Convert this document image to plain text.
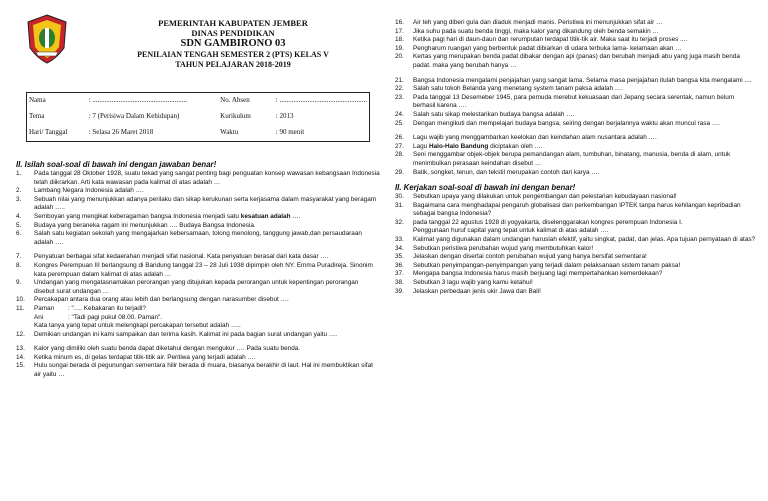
PEMERINTAH KABUPATEN JEMBER
DINAS PENDIDIKAN
SDN GAMBIRONO 03
PENILAIAN TENGAH SEMESTER 2 (PTS) KELAS V
TAHUN PELAJARAN 2018-2019
Nama	: ......................................................	No. Absen	: ..................................................
Tema	: 7 (Perisiwa Dalam Kehidupan)	Kurikulum	: 2013
Hari/ Tanggal	: Selasa 26 Maret 2018	Waktu	: 90 menit
II. Isilah soal-soal di bawah ini dengan jawaban benar!
1.	Pada tanggal 28 Oktober 1928, suatu tekad yang sangat penting bagi penguatan konsep wawasan kebangsaan Indonesia telah diikrarkan. Arti kata wawasan pada kalimat di atas adalah …
2.	Lambang Negara Indonesia adalah ….
3.	Sebuah nilai yang menunjukkan adanya perilaku dan sikap kerukunan serta kerjasama dalam masyarakat yang beragam adalah …..
4.	Semboyan yang mengikat keberagaman bangsa Indonesia menjadi satu kesatuan adalah ….
5.	Budaya yang beraneka ragam ini menunjukkan …. Budaya Bangsa Indonesia.
6.	Salah satu kegiatan sekolah yang mengajarkan kebersamaan, tolong menolong, tanggung jawab,dan persaudaraan adalah ….
7.	Penyatuan berbagai sifat kedaerahan menjadi sifat nasional. Kata penyatuan berasal dari kata dasar ….
8.	Kongres Perempuan III berlangsung di Bandung tanggal 23 – 28 Juli 1938 dipimpin oleh NY. Emma Puradireja. Sinonim kata perempuan dalam kalimat di atas adalah …
9.	Undangan yang mengatasnamakan perorangan yang ditujukan kepada perorangan untuk kepentingan perorangan disebut surat undangan …
10.	Percakapan antara dua orang atau lebih dan berlangsung dengan narasumber disebut ….
11.	Paman : "…. Kebakaran itu terjadi?
Ani	: "Tadi pagi pukul 08.00. Paman".
Kata tanya yang tepat untuk melengkapi percakapan tersebut adalah …..
12.	Demikian undangan ini kami sampaikan dan terima kasih. Kalimat ini pada bagian surat undangan yaitu ….
13.	Kalor yang dimiliki oleh suatu benda dapat diketahui dengan mengukur …. Pada suatu benda.
14.	Ketika minum es, di gelas terdapat titik-titik air. Peritiwa yang terjadi adalah ….
15.	Hulu sungai berada di pegunungan sementara hilir berada di muara, biasanya berakhir di laut. Hal ini membuktikan sifat air yaitu …
16.	Air teh yang diberi gula dan diaduk menjadi manis. Peristiwa ini menunjukkan sifat air …
17.	Jika suhu pada suatu benda tinggi, maka kalor yang dikandung oleh benda semakin …
18.	Ketika pagi hari di daun-daun dan rerumputan terdapat titik-tik air. Maka saat itu terjadi proses ....
19.	Pengharum ruangan yang berbentuk padat dibiarkan di udara terbuka lama- kelamaan akan …
20.	Kertas yang merupakan benda padat dibakar dengan api (panas) dan berubah menjadi abu yang juga masih benda padat. maka yang berubah hanya …
21.	Bangsa Indonesia mengalami penjajahan yang sangat lama. Selama masa penjajahan itulah bangsa kita mengalami ....
22.	Salah satu tokoh Belanda yang menetang system tanam paksa adalah ….
23.	Pada tanggal 13 Desemeber 1945, para pemuda merebut kekuasaan dari Jepang secara serentak, namun belum berhasil karena ….
24.	Salah satu sikap melestarikan budaya bangsa adalah ….
25.	Dengan mengikuti dan mempelajari budaya bangsa, seiring dengan berjalannya waktu akan muncul rasa ….
26.	Lagu wajib yang menggambarkan keelokan dan keindahan alam nusantara adalah ….
27.	Lagu Halo-Halo Bandung diciptakan oleh ….
28.	Seni menggambar objek-objek berupa pemandangan alam, tumbuhan, binatang, manusia, benda di alam, untuk menimbulkan perasaan keindahan disebut …
29.	Batik, songket, tenun, dan tekstil merupakan contoh dari karya ….
II. Kerjakan soal-soal di bawah ini dengan benar!
30.	Sebutkan upaya yang dilakukan untuk pengembangan dan pelestarian kebudayaan nasional!
31.	Bagaimana cara menghadapai pengaruh globalisasi dan perkembangan IPTEK tanpa harus kehilangan kepribadian sebagai bangsa Indonesia?
32.	pada tanggal 22 agustus 1928 di yogyakarta, diselenggarakan kongres perempuan Indonesia I.
Penggunaan huruf capital yang tepat untuk kalimat di atas adalah ….
33.	Kalimat yang digunakan dalam undangan haruslah efektif, yaitu singkat, padat, dan jelas. Apa tujuan pernyataan di atas?
34.	Sebutkan peristiwa perubahan wujud yang membutuhkan kalor!
35.	Jelaskan dengan disertai contoh perubahan wujud yang hanya bersifat sementara!
36.	Sebutkan penyimpangan-penyimpangan yang terjadi dalam pelaksanaan sistem tanam paksa!
37.	Mengapa bangsa Indonesia harus masih berjuang lagi mempertahankan kemerdekaan?
38.	Sebutkan 3 lagu wajib yang kamu ketahui!
39.	Jelaskan perbedaan jenis ukir Jawa dan Bali!
